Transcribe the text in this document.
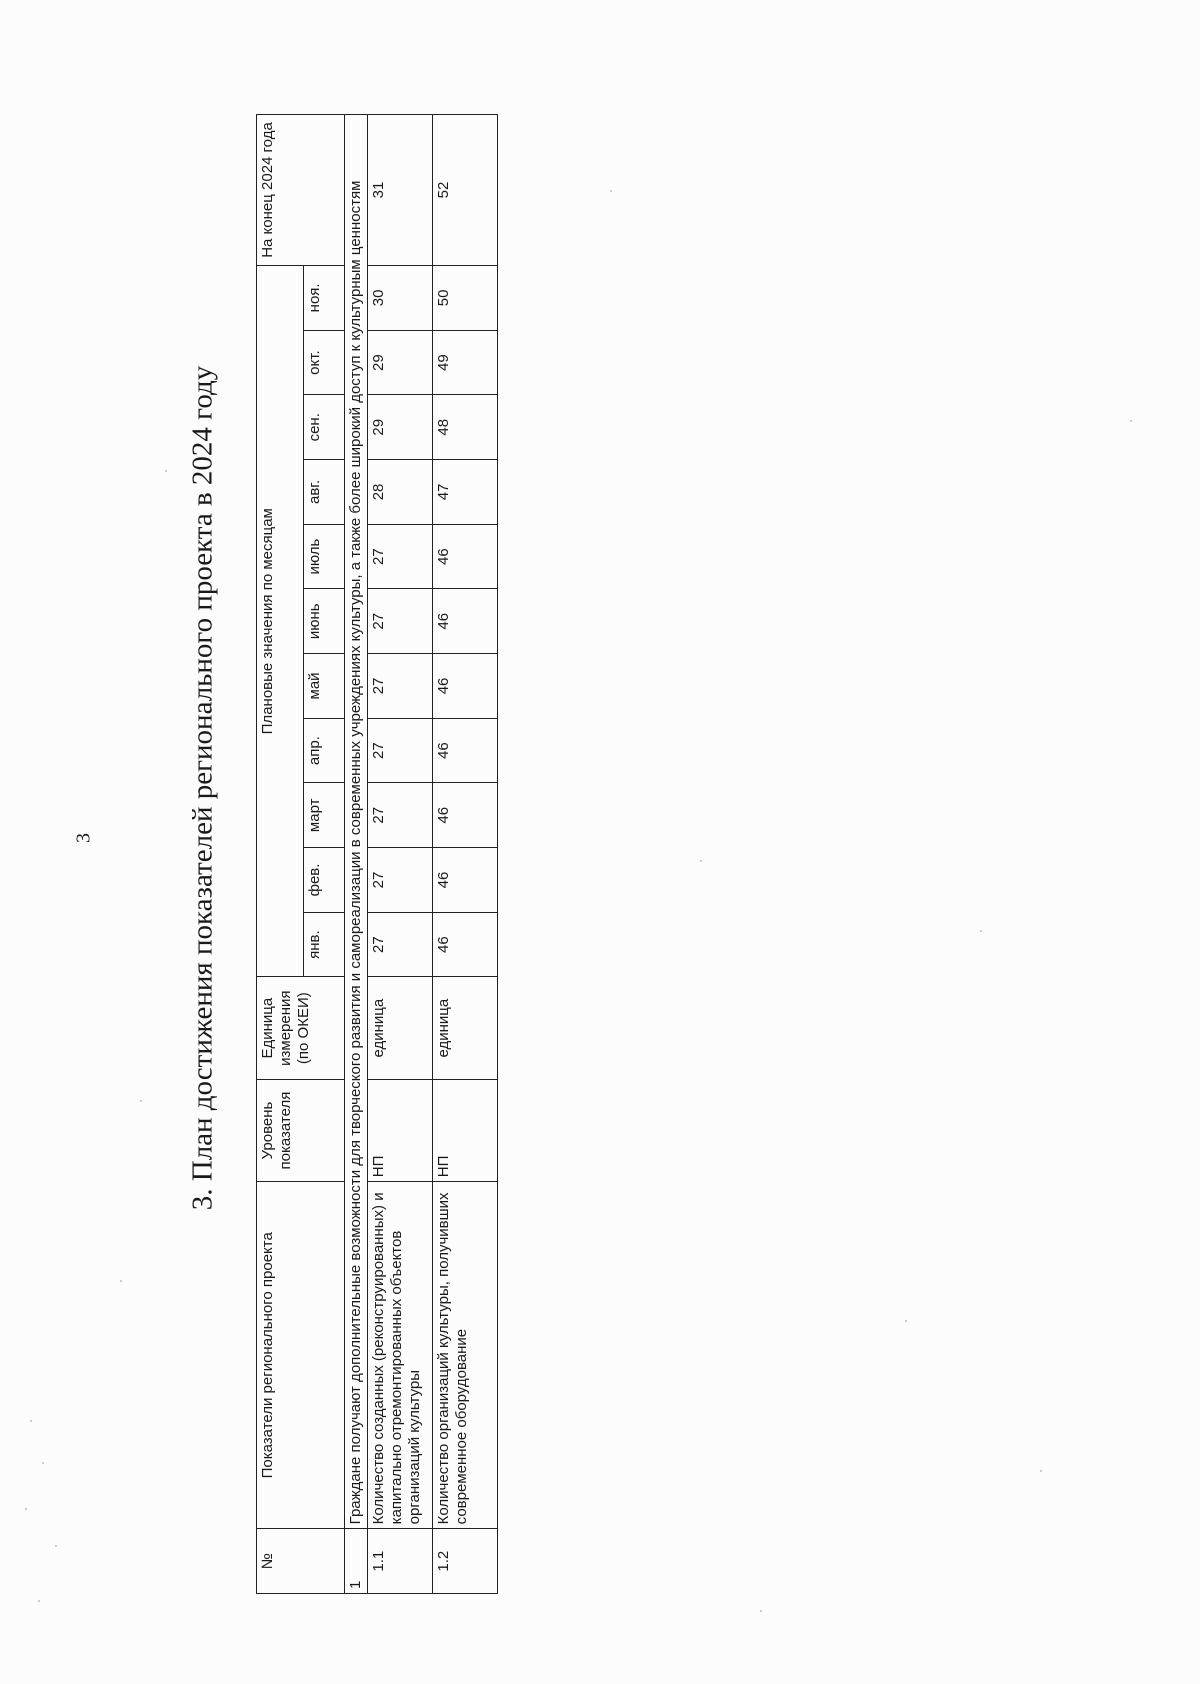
3	3. План достижения показателей регионального проекта в 2024 году
№	Показатели регионального проекта	Уровень показателя	Единица измерения (по ОКЕИ)	Плановые значения по месяцам											На конец 2024 года
				янв.	фев.	март	апр.	май	июнь	июль	авг.	сен.	окт.	ноя.	
1	Граждане получают дополнительные возможности для творческого развития и самореализации в современных учреждениях культуры, а также более широкий доступ к культурным ценностям														
1.1	Количество созданных (реконструированных) и капитально отремонтированных объектов организаций культуры	НП	единица	27	27	27	27	27	27	27	28	29	29	30	31
1.2	Количество организаций культуры, получивших современное оборудование	НП	единица	46	46	46	46	46	46	46	47	48	49	50	52
